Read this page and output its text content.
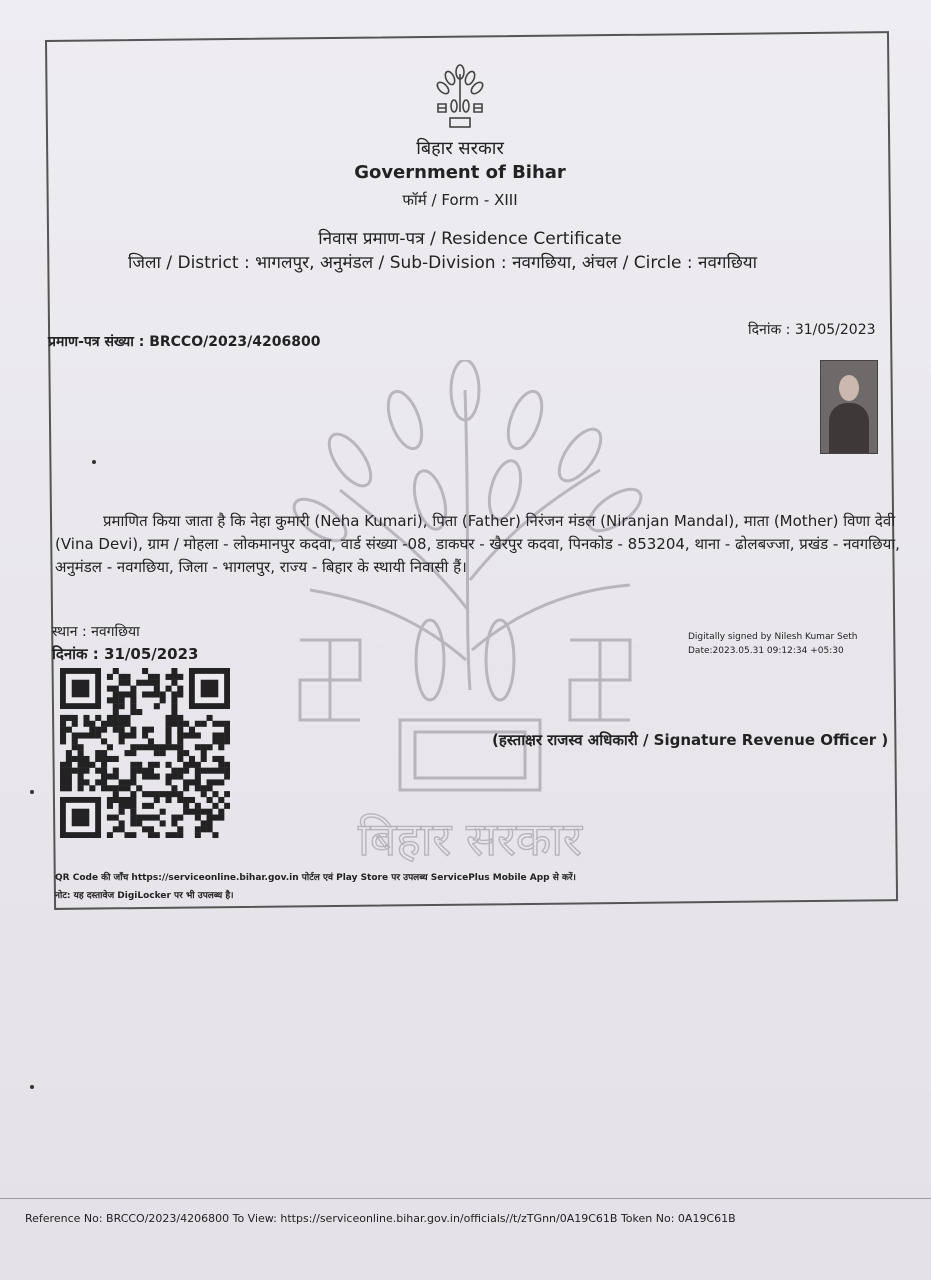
बिहार सरकार
बिहार सरकार
Government of Bihar
फॉर्म / Form - XIII
निवास प्रमाण-पत्र / Residence Certificate
जिला / District : भागलपुर, अनुमंडल / Sub-Division : नवगछिया, अंचल / Circle : नवगछिया
प्रमाण-पत्र संख्या : BRCCO/2023/4206800
दिनांक : 31/05/2023
प्रमाणित किया जाता है कि नेहा कुमारी (Neha Kumari), पिता (Father) निरंजन मंडल (Niranjan Mandal), माता (Mother) विणा देवी (Vina Devi), ग्राम / मोहला - लोकमानपुर कदवा, वार्ड संख्या -08, डाकघर - खैरपुर कदवा, पिनकोड - 853204, थाना - ढोलबज्जा, प्रखंड - नवगछिया, अनुमंडल - नवगछिया, जिला - भागलपुर, राज्य - बिहार के स्थायी निवासी हैं।
स्थान : नवगछिया
दिनांक : 31/05/2023
Digitally signed by Nilesh Kumar Seth
Date:2023.05.31 09:12:34 +05:30
(हस्ताक्षर राजस्व अधिकारी / Signature Revenue Officer )
QR Code की जाँच https://serviceonline.bihar.gov.in पोर्टल एवं Play Store पर उपलब्ध ServicePlus Mobile App से करें।
नोट: यह दस्तावेज DigiLocker पर भी उपलब्ध है।
Reference No: BRCCO/2023/4206800 To View: https://serviceonline.bihar.gov.in/officials//t/zTGnn/0A19C61B Token No: 0A19C61B
